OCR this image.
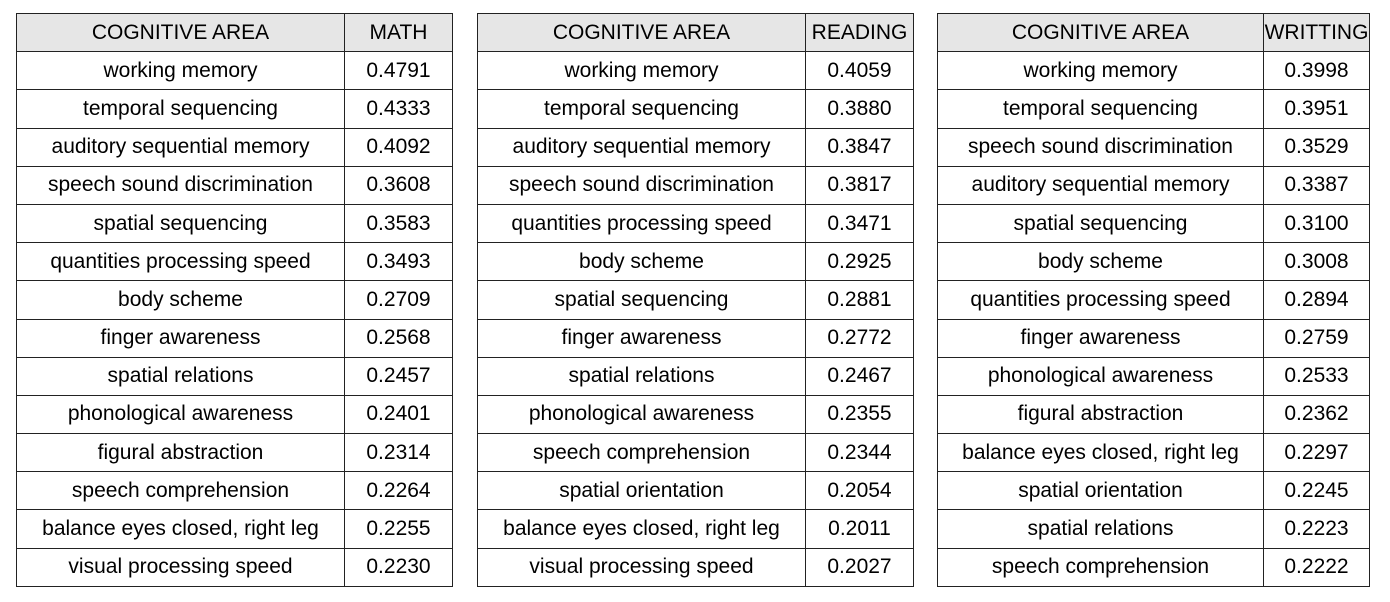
COGNITIVE AREA	MATH
working memory	0.4791
temporal sequencing	0.4333
auditory sequential memory	0.4092
speech sound discrimination	0.3608
spatial sequencing	0.3583
quantities processing speed	0.3493
body scheme	0.2709
finger awareness	0.2568
spatial relations	0.2457
phonological awareness	0.2401
figural abstraction	0.2314
speech comprehension	0.2264
balance eyes closed, right leg	0.2255
visual processing speed	0.2230
COGNITIVE AREA	READING
working memory	0.4059
temporal sequencing	0.3880
auditory sequential memory	0.3847
speech sound discrimination	0.3817
quantities processing speed	0.3471
body scheme	0.2925
spatial sequencing	0.2881
finger awareness	0.2772
spatial relations	0.2467
phonological awareness	0.2355
speech comprehension	0.2344
spatial orientation	0.2054
balance eyes closed, right leg	0.2011
visual processing speed	0.2027
COGNITIVE AREA	WRITTING
working memory	0.3998
temporal sequencing	0.3951
speech sound discrimination	0.3529
auditory sequential memory	0.3387
spatial sequencing	0.3100
body scheme	0.3008
quantities processing speed	0.2894
finger awareness	0.2759
phonological awareness	0.2533
figural abstraction	0.2362
balance eyes closed, right leg	0.2297
spatial orientation	0.2245
spatial relations	0.2223
speech comprehension	0.2222
